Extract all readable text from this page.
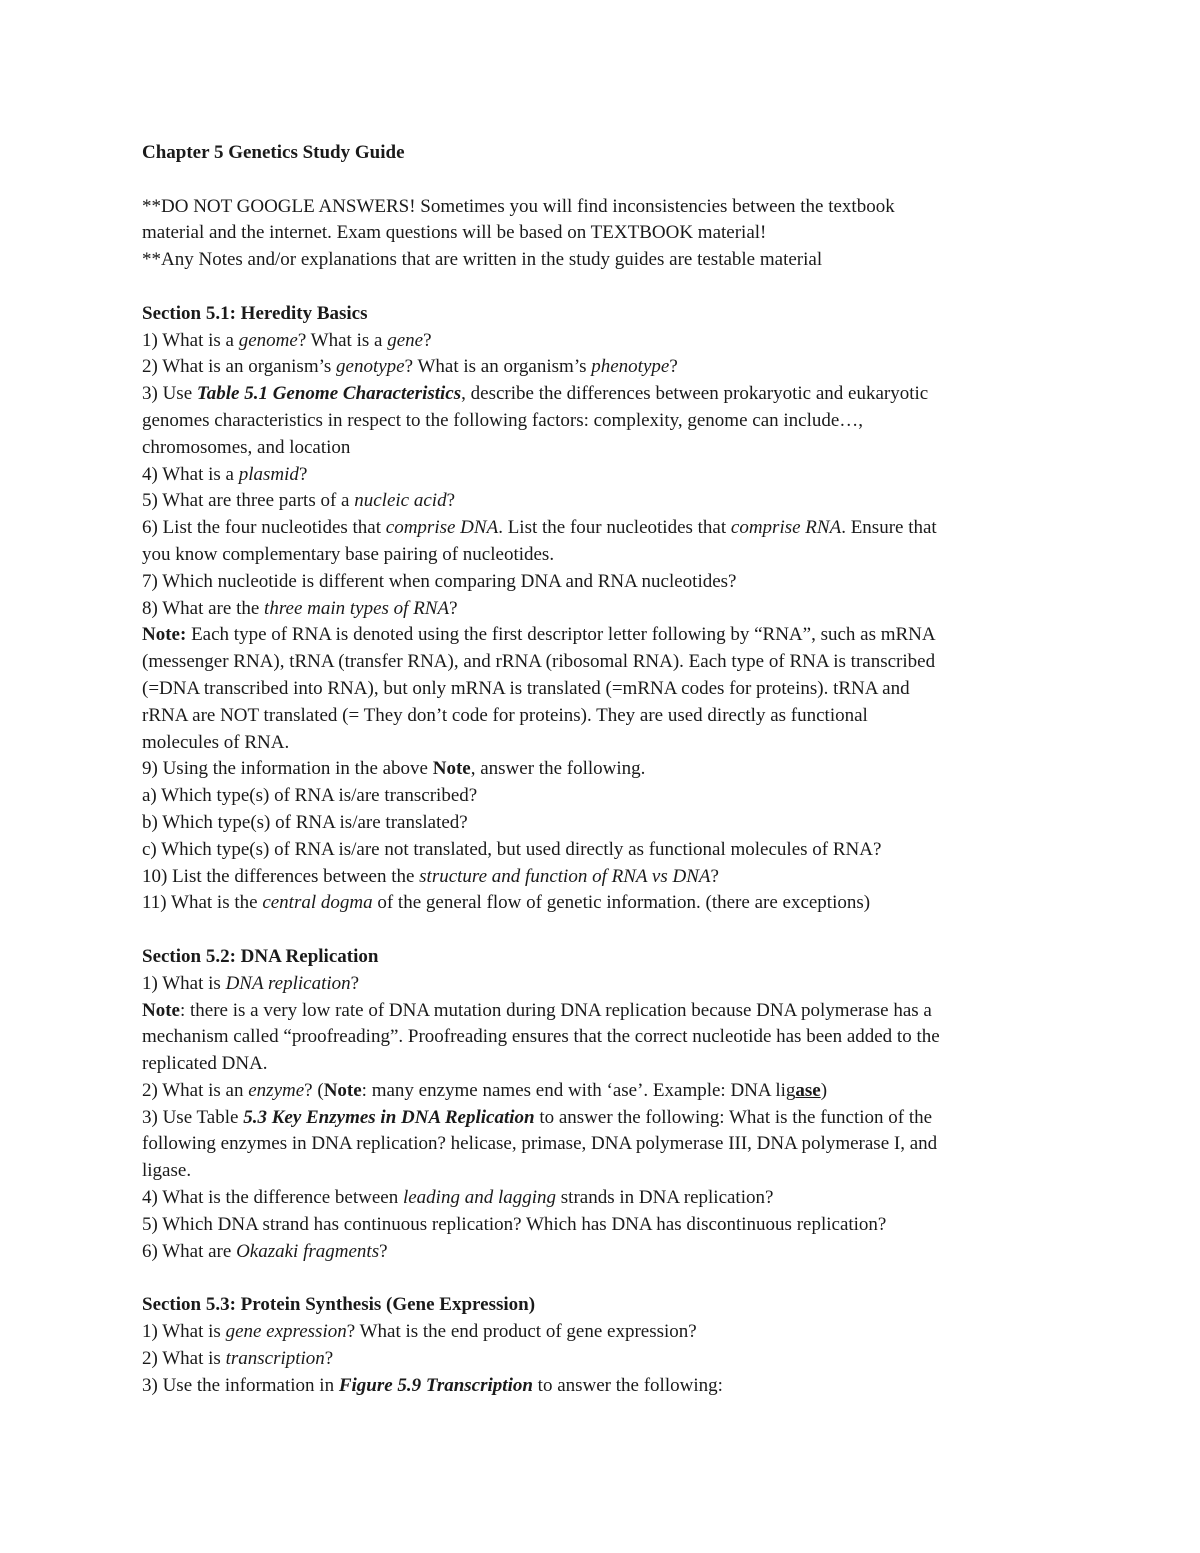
Chapter 5 Genetics Study Guide
**DO NOT GOOGLE ANSWERS! Sometimes you will find inconsistencies between the textbook
material and the internet. Exam questions will be based on TEXTBOOK material!
**Any Notes and/or explanations that are written in the study guides are testable material
Section 5.1: Heredity Basics
1) What is a genome? What is a gene?
2) What is an organism’s genotype? What is an organism’s phenotype?
3) Use Table 5.1 Genome Characteristics, describe the differences between prokaryotic and eukaryotic
genomes characteristics in respect to the following factors: complexity, genome can include…,
chromosomes, and location
4) What is a plasmid?
5) What are three parts of a nucleic acid?
6) List the four nucleotides that comprise DNA. List the four nucleotides that comprise RNA. Ensure that
you know complementary base pairing of nucleotides.
7) Which nucleotide is different when comparing DNA and RNA nucleotides?
8) What are the three main types of RNA?
Note: Each type of RNA is denoted using the first descriptor letter following by “RNA”, such as mRNA
(messenger RNA), tRNA (transfer RNA), and rRNA (ribosomal RNA). Each type of RNA is transcribed
(=DNA transcribed into RNA), but only mRNA is translated (=mRNA codes for proteins). tRNA and
rRNA are NOT translated (= They don’t code for proteins). They are used directly as functional
molecules of RNA.
9) Using the information in the above Note, answer the following.
a) Which type(s) of RNA is/are transcribed?
b) Which type(s) of RNA is/are translated?
c) Which type(s) of RNA is/are not translated, but used directly as functional molecules of RNA?
10) List the differences between the structure and function of RNA vs DNA?
11) What is the central dogma of the general flow of genetic information. (there are exceptions)
Section 5.2: DNA Replication
1) What is DNA replication?
Note: there is a very low rate of DNA mutation during DNA replication because DNA polymerase has a
mechanism called “proofreading”. Proofreading ensures that the correct nucleotide has been added to the
replicated DNA.
2) What is an enzyme? (Note: many enzyme names end with ‘ase’. Example: DNA ligase)
3) Use Table 5.3 Key Enzymes in DNA Replication to answer the following: What is the function of the
following enzymes in DNA replication? helicase, primase, DNA polymerase III, DNA polymerase I, and
ligase.
4) What is the difference between leading and lagging strands in DNA replication?
5) Which DNA strand has continuous replication? Which has DNA has discontinuous replication?
6) What are Okazaki fragments?
Section 5.3: Protein Synthesis (Gene Expression)
1) What is gene expression? What is the end product of gene expression?
2) What is transcription?
3) Use the information in Figure 5.9 Transcription to answer the following:
